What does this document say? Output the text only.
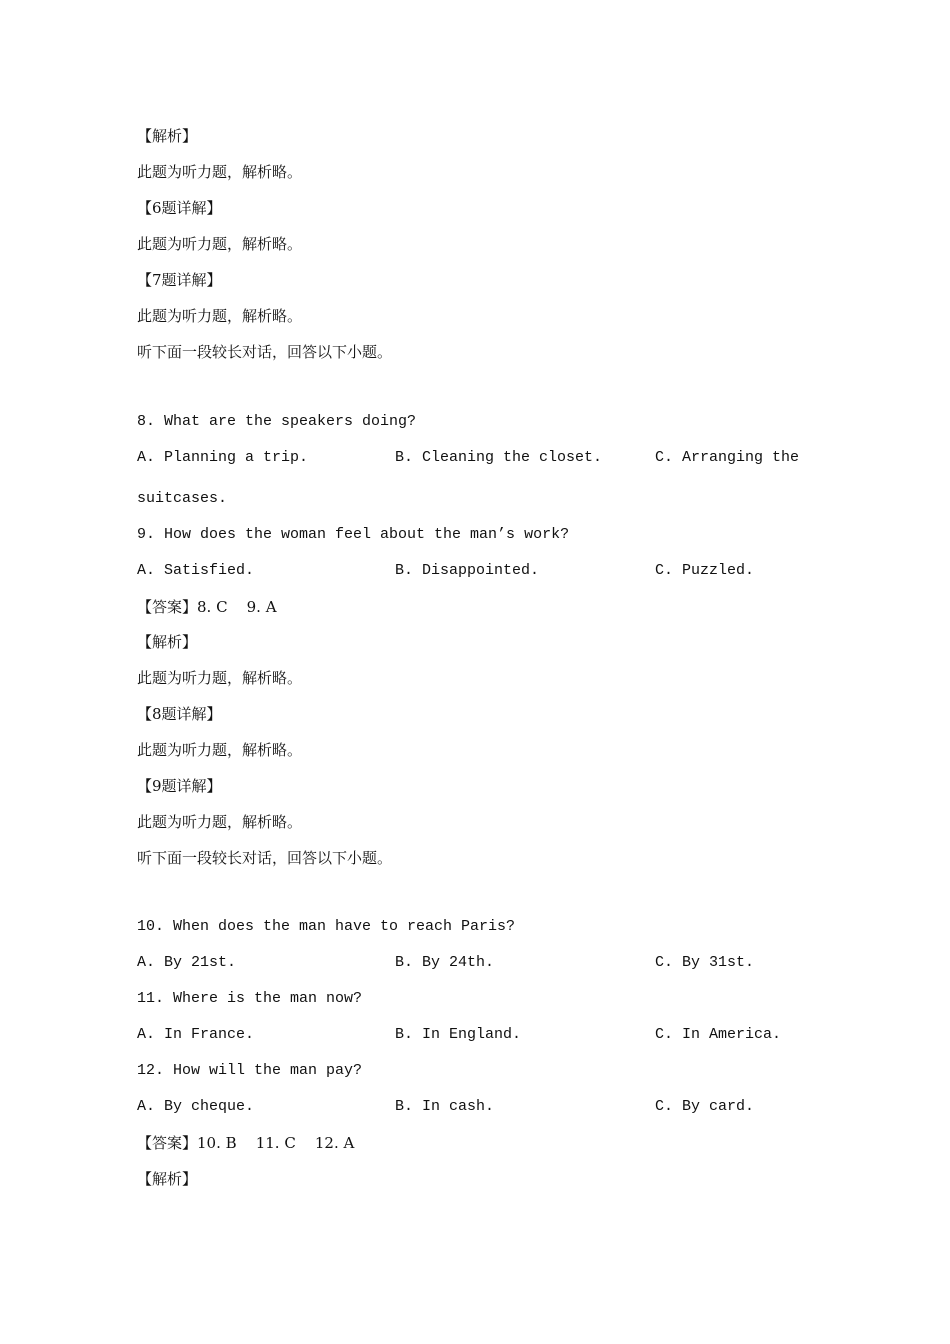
【解析】

此题为听力题，解析略。

【6题详解】

此题为听力题，解析略。

【7题详解】

此题为听力题，解析略。

听下面一段较长对话，回答以下小题。

8. What are the speakers doing?

A. Planning a trip.	B. Cleaning the closet.	C. Arranging the

suitcases.

9. How does the woman feel about the man’s work?

A. Satisfied.	B. Disappointed.	C. Puzzled.

【答案】8. C    9. A

【解析】

此题为听力题，解析略。

【8题详解】

此题为听力题，解析略。

【9题详解】

此题为听力题，解析略。

听下面一段较长对话，回答以下小题。

10. When does the man have to reach Paris?

A. By 21st.	B. By 24th.	C. By 31st.

11. Where is the man now?

A. In France.	B. In England.	C. In America.

12. How will the man pay?

A. By cheque.	B. In cash.	C. By card.

【答案】10. B    11. C    12. A

【解析】
